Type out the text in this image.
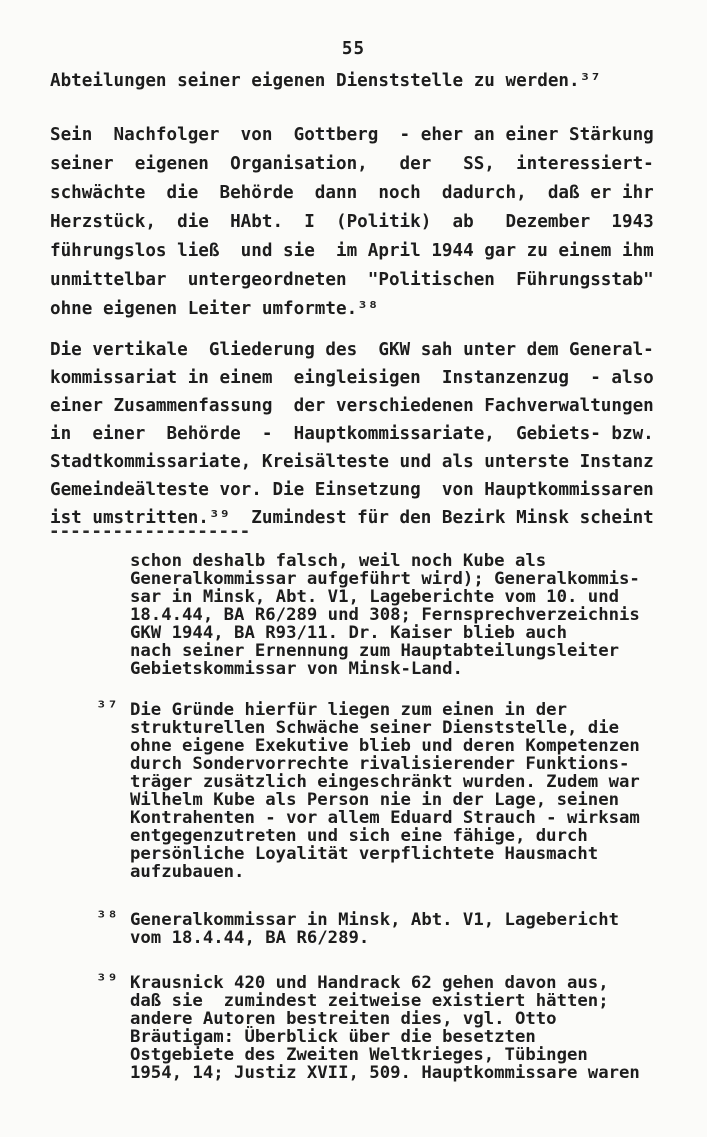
55
Abteilungen seiner eigenen Dienststelle zu werden.³⁷
Sein  Nachfolger  von  Gottberg  - eher an einer Stärkung
seiner  eigenen  Organisation,   der   SS,  interessiert-
schwächte  die  Behörde  dann  noch  dadurch,  daß er ihr
Herzstück,  die  HAbt.  I  (Politik)  ab   Dezember  1943
führungslos ließ  und sie  im April 1944 gar zu einem ihm
unmittelbar  untergeordneten  "Politischen  Führungsstab"
ohne eigenen Leiter umformte.³⁸
Die vertikale  Gliederung des  GKW sah unter dem General-
kommissariat in einem  eingleisigen  Instanzenzug  - also
einer Zusammenfassung  der verschiedenen Fachverwaltungen
in  einer  Behörde  -  Hauptkommissariate,  Gebiets- bzw.
Stadtkommissariate, Kreisälteste und als unterste Instanz
Gemeindeälteste vor. Die Einsetzung  von Hauptkommissaren
ist umstritten.³⁹  Zumindest für den Bezirk Minsk scheint
-------------------
schon deshalb falsch, weil noch Kube als
Generalkommissar aufgeführt wird); Generalkommis-
sar in Minsk, Abt. V1, Lageberichte vom 10. und
18.4.44, BA R6/289 und 308; Fernsprechverzeichnis
GKW 1944, BA R93/11. Dr. Kaiser blieb auch
nach seiner Ernennung zum Hauptabteilungsleiter
Gebietskommissar von Minsk-Land.
³⁷ Die Gründe hierfür liegen zum einen in der
strukturellen Schwäche seiner Dienststelle, die
ohne eigene Exekutive blieb und deren Kompetenzen
durch Sondervorrechte rivalisierender Funktions-
träger zusätzlich eingeschränkt wurden. Zudem war
Wilhelm Kube als Person nie in der Lage, seinen
Kontrahenten - vor allem Eduard Strauch - wirksam
entgegenzutreten und sich eine fähige, durch
persönliche Loyalität verpflichtete Hausmacht
aufzubauen.
³⁸ Generalkommissar in Minsk, Abt. V1, Lagebericht
vom 18.4.44, BA R6/289.
³⁹ Krausnick 420 und Handrack 62 gehen davon aus,
daß sie  zumindest zeitweise existiert hätten;
andere Autoren bestreiten dies, vgl. Otto
Bräutigam: Überblick über die besetzten
Ostgebiete des Zweiten Weltkrieges, Tübingen
1954, 14; Justiz XVII, 509. Hauptkommissare waren
